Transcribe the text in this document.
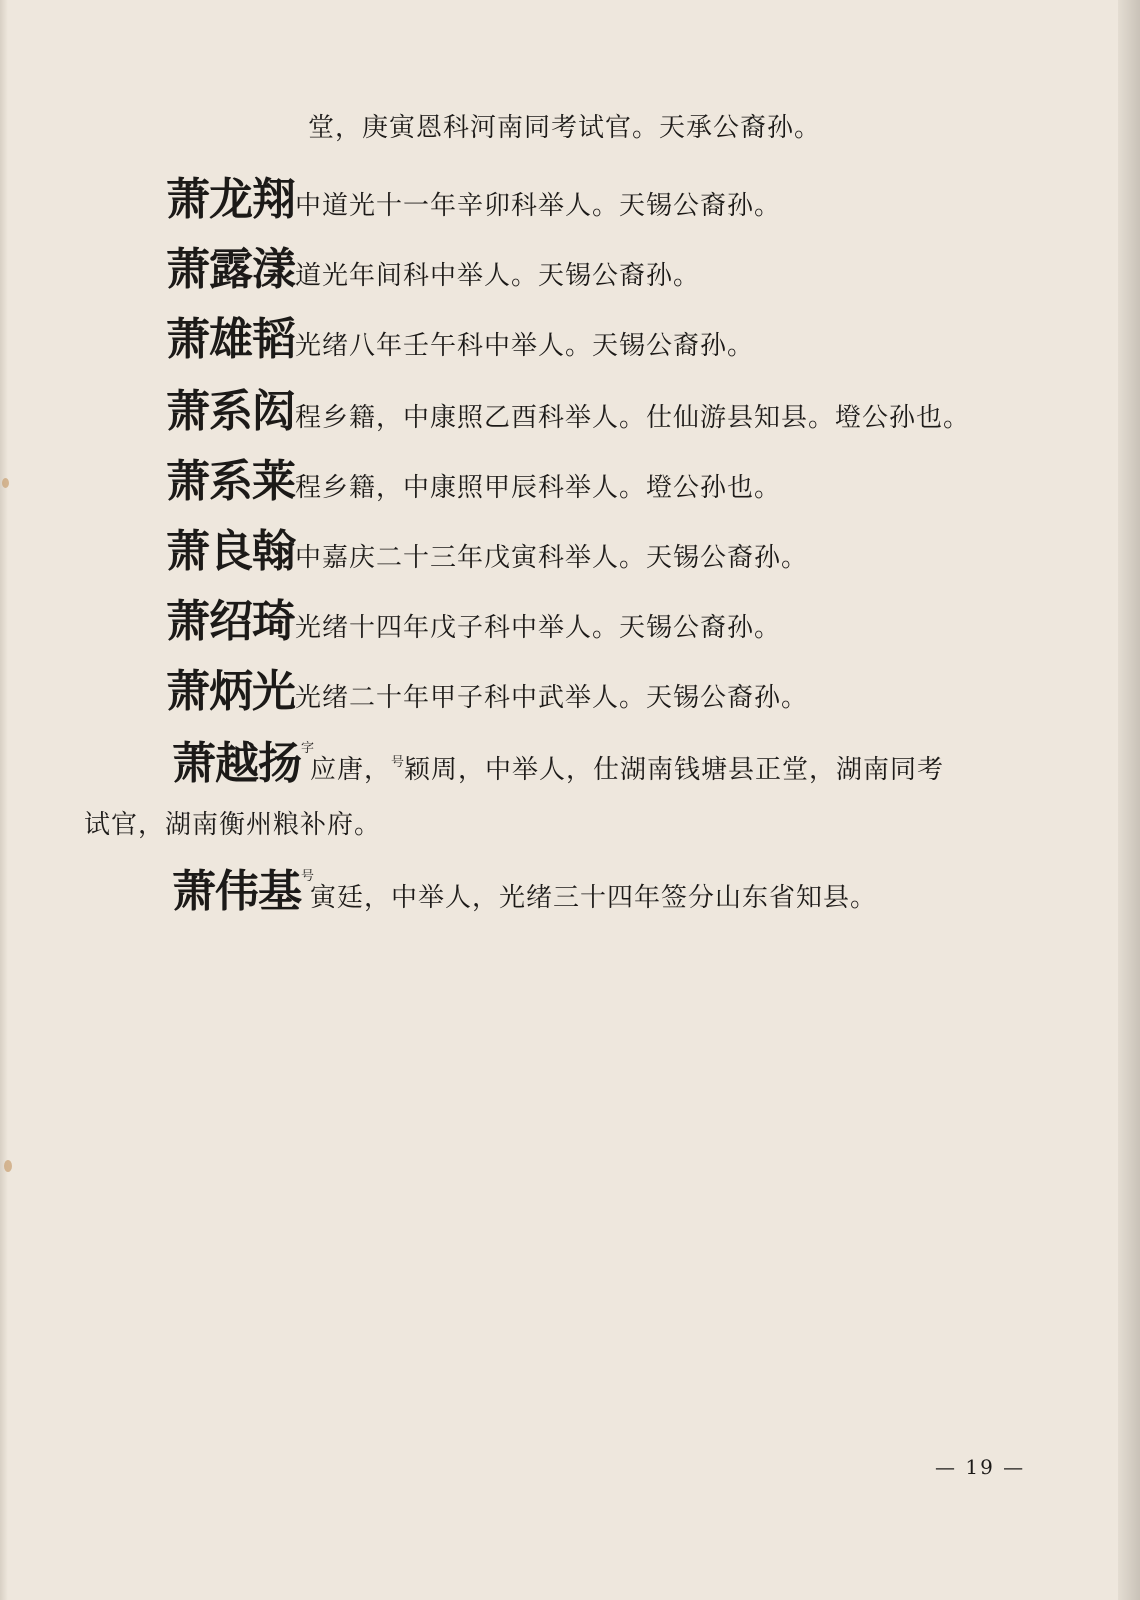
堂，庚寅恩科河南同考试官。天承公裔孙。
萧龙翔中道光十一年辛卯科举人。天锡公裔孙。
萧露漾道光年间科中举人。天锡公裔孙。
萧雄韬光绪八年壬午科中举人。天锡公裔孙。
萧系闳程乡籍，中康照乙酉科举人。仕仙游县知县。墱公孙也。
萧系莱程乡籍，中康照甲辰科举人。墱公孙也。
萧良翰中嘉庆二十三年戊寅科举人。天锡公裔孙。
萧绍琦光绪十四年戊子科中举人。天锡公裔孙。
萧炳光光绪二十年甲子科中武举人。天锡公裔孙。
萧越扬$^字$应唐，$^号$颖周，中举人，仕湖南钱塘县正堂，湖南同考
试官，湖南衡州粮补府。
萧伟基$^号$寅廷，中举人，光绪三十四年签分山东省知县。
— 19 —
